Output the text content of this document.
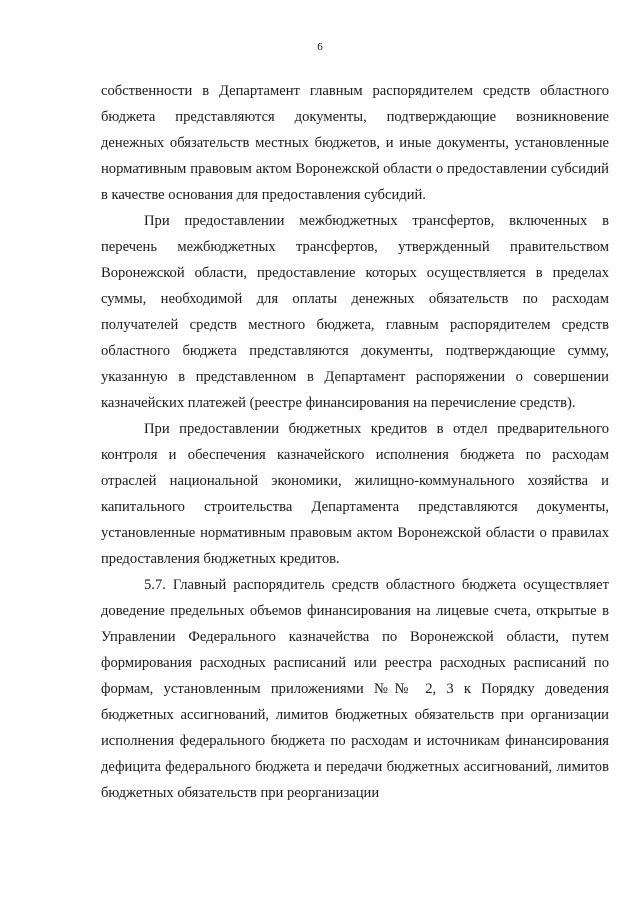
6

собственности в Департамент главным распорядителем средств областного бюджета представляются документы, подтверждающие возникновение денежных обязательств местных бюджетов, и иные документы, установленные нормативным правовым актом Воронежской области о предоставлении субсидий в качестве основания для предоставления субсидий.

При предоставлении межбюджетных трансфертов, включенных в перечень межбюджетных трансфертов, утвержденный правительством Воронежской области, предоставление которых осуществляется в пределах суммы, необходимой для оплаты денежных обязательств по расходам получателей средств местного бюджета, главным распорядителем средств областного бюджета представляются документы, подтверждающие сумму, указанную в представленном в Департамент распоряжении о совершении казначейских платежей (реестре финансирования на перечисление средств).

При предоставлении бюджетных кредитов в отдел предварительного контроля и обеспечения казначейского исполнения бюджета по расходам отраслей национальной экономики, жилищно-коммунального хозяйства и капитального строительства Департамента представляются документы, установленные нормативным правовым актом Воронежской области о правилах предоставления бюджетных кредитов.

5.7. Главный распорядитель средств областного бюджета осуществляет доведение предельных объемов финансирования на лицевые счета, открытые в Управлении Федерального казначейства по Воронежской области, путем формирования расходных расписаний или реестра расходных расписаний по формам, установленным приложениями №№ 2, 3 к Порядку доведения бюджетных ассигнований, лимитов бюджетных обязательств при организации исполнения федерального бюджета по расходам и источникам финансирования дефицита федерального бюджета и передачи бюджетных ассигнований, лимитов бюджетных обязательств при реорганизации
